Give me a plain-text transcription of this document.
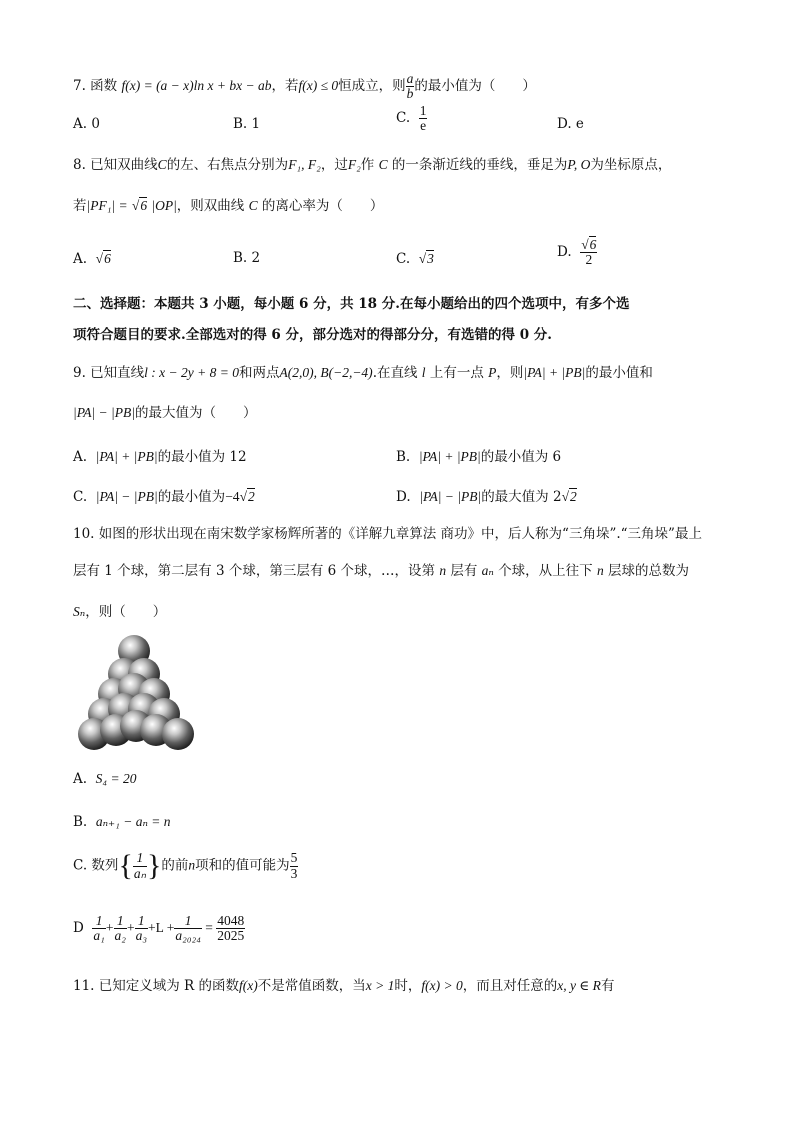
7. 函数 f(x) = (a − x)ln x + bx − ab，若f(x) ≤ 0恒成立，则 $\frac{a}{b}$ 的最小值为（　　）
A. 0	B. 1	C. $\frac{1}{e}$	D. e
8. 已知双曲线C的左、右焦点分别为F₁, F₂，过F₂作 C 的一条渐近线的垂线，垂足为P, O为坐标原点，
若|PF₁| = √6 |OP|，则双曲线 C 的离心率为（　　）
A. √6	B. 2	C. √3	D. $\frac{√6}{2}$
二、选择题：本题共 3 小题，每小题 6 分，共 18 分.在每小题给出的四个选项中，有多个选
项符合题目的要求.全部选对的得 6 分，部分选对的得部分分，有选错的得 0 分.
9. 已知直线l : x − 2y + 8 = 0和两点A(2,0), B(−2,−4).在直线 l 上有一点 P，则|PA| + |PB|的最小值和
|PA| − |PB|的最大值为（　　）
A. |PA| + |PB|的最小值为 12	B. |PA| + |PB|的最小值为 6
C. |PA| − |PB|的最小值为−4√2	D. |PA| − |PB|的最大值为 2√2
10. 如图的形状出现在南宋数学家杨辉所著的《详解九章算法 商功》中，后人称为“三角垛”.“三角垛”最上
层有 1 个球，第二层有 3 个球，第三层有 6 个球，…，设第 n 层有 aₙ 个球，从上往下 n 层球的总数为
Sₙ，则（　　）
A. S₄ = 20
B. aₙ₊₁ − aₙ = n
C. 数列{ $\frac{1}{\text{aₙ}}$ }的前n项和的值可能为 $\frac{5}{3}$
D $\frac{1}{\text{a₁}} + \frac{1}{\text{a₂}} + \frac{1}{\text{a₃}} +L + \frac{1}{\text{a₂₀₂₄}} = \frac{4048}{2025}$
11. 已知定义域为 R 的函数f(x)不是常值函数，当x > 1时，f(x) > 0，而且对任意的x, y ∈ R有
